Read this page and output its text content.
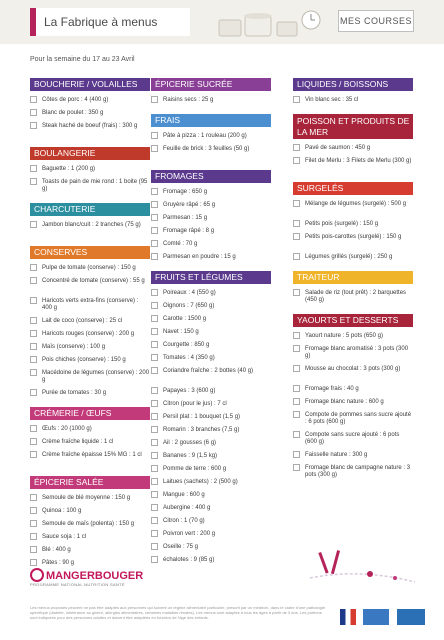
La Fabrique à menus	MES COURSES
Pour la semaine du 17 au 23 Avril
BOUCHERIE / VOLAILLES
Côtes de porc : 4 (400 g)
Blanc de poulet : 350 g
Steak haché de boeuf (frais) : 300 g
BOULANGERIE
Baguette : 1 (200 g)
Toasts de pain de mie rond : 1 boite (95 g)
CHARCUTERIE
Jambon blanc/cuit : 2 tranches (75 g)
CONSERVES
Pulpe de tomate (conserve) : 150 g
Concentré de tomate (conserve) : 55 g
Haricots verts extra-fins (conserve) : 400 g
Lait de coco (conserve) : 25 cl
Haricots rouges (conserve) : 200 g
Maïs (conserve) : 100 g
Pois chiches (conserve) : 150 g
Macédoine de légumes (conserve) : 200 g
Purée de tomates : 30 g
CRÉMERIE / ŒUFS
Œufs : 20 (1000 g)
Crème fraîche liquide : 1 cl
Crème fraîche épaisse 15% MG : 1 cl
ÉPICERIE SALÉE
Semoule de blé moyenne : 150 g
Quinoa : 100 g
Semoule de maïs (polenta) : 150 g
Sauce soja : 1 cl
Blé : 400 g
Pâtes : 90 g
ÉPICERIE SUCRÉE
Raisins secs : 25 g
FRAIS
Pâte à pizza : 1 rouleau (200 g)
Feuille de brick : 3 feuilles (50 g)
FROMAGES
Fromage : 650 g
Gruyère râpé : 65 g
Parmesan : 15 g
Fromage râpé : 8 g
Comté : 70 g
Parmesan en poudre : 15 g
FRUITS ET LÉGUMES
Poireaux : 4 (550 g)
Oignons : 7 (650 g)
Carotte : 1500 g
Navet : 150 g
Courgette : 850 g
Tomates : 4 (350 g)
Coriandre fraîche : 2 bottes (40 g)
Papayes : 3 (600 g)
Citron (pour le jus) : 7 cl
Persil plat : 1 bouquet (1,5 g)
Romarin : 3 branches (7,5 g)
Ail : 2 gousses (6 g)
Bananes : 9 (1,5 kg)
Pomme de terre : 600 g
Laitues (sachets) : 2 (500 g)
Mangue : 600 g
Aubergine : 400 g
Citron : 1 (70 g)
Poivron vert : 200 g
Oseille : 75 g
échalotes : 9 (85 g)
LIQUIDES / BOISSONS
Vin blanc sec : 35 cl
POISSON ET PRODUITS DE LA MER
Pavé de saumon : 450 g
Filet de Merlu : 3 Filets de Merlu (300 g)
SURGELÉS
Mélange de légumes (surgelé) : 500 g
Petits pois (surgelé) : 150 g
Petits pois-carottes (surgelé) : 150 g
Légumes grillés (surgelé) : 250 g
TRAITEUR
Salade de riz (tout prêt) : 2 barquettes (450 g)
YAOURTS ET DESSERTS
Yaourt nature : 5 pots (650 g)
Fromage blanc aromatisé : 3 pots (300 g)
Mousse au chocolat : 3 pots (300 g)
Fromage frais : 40 g
Fromage blanc nature : 600 g
Compote de pommes sans sucre ajouté : 6 pots (600 g)
Compote sans sucre ajouté : 6 pots (600 g)
Faisselle nature : 300 g
Fromage blanc de campagne nature : 3 pots (300 g)
MANGERBOUGER
PROGRAMME NATIONAL NUTRITION SANTÉ
Les menus proposés peuvent ne pas être adaptés aux personnes qui suivent un régime alimentaire particulier, prescrit par un médecin, dans le cadre d'une pathologie spécifique (diabète, intolérance au gluten, allergies alimentaires, certaines maladies rénales). Les menus sont adaptés à tous les âges à partir de 3 ans. Les portions sont indiquées pour des personnes adultes et doivent être adaptées en fonction de l'âge des enfants.
